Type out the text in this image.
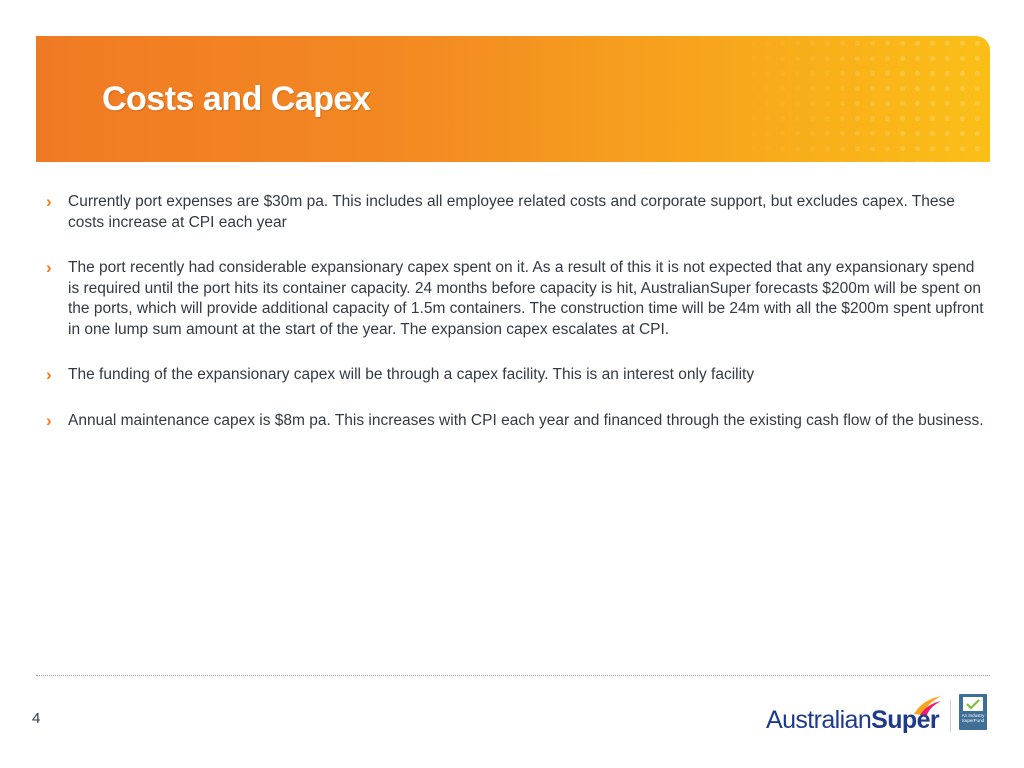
Costs and Capex
›	Currently port expenses are $30m pa. This includes all employee related costs and corporate support, but excludes capex. These costs increase at CPI each year
›	The port recently had considerable expansionary capex spent on it. As a result of this it is not expected that any expansionary spend is required until the port hits its container capacity. 24 months before capacity is hit, AustralianSuper forecasts $200m will be spent on the ports, which will provide additional capacity of 1.5m containers. The construction time will be 24m with all the $200m spent upfront in one lump sum amount at the start of the year. The expansion capex escalates at CPI.
›	The funding of the expansionary capex will be through a capex facility. This is an interest only facility
›	Annual maintenance capex is $8m pa. This increases with CPI each year and financed through the existing cash flow of the business.
4	AustralianSuper	An Industry
SuperFund
